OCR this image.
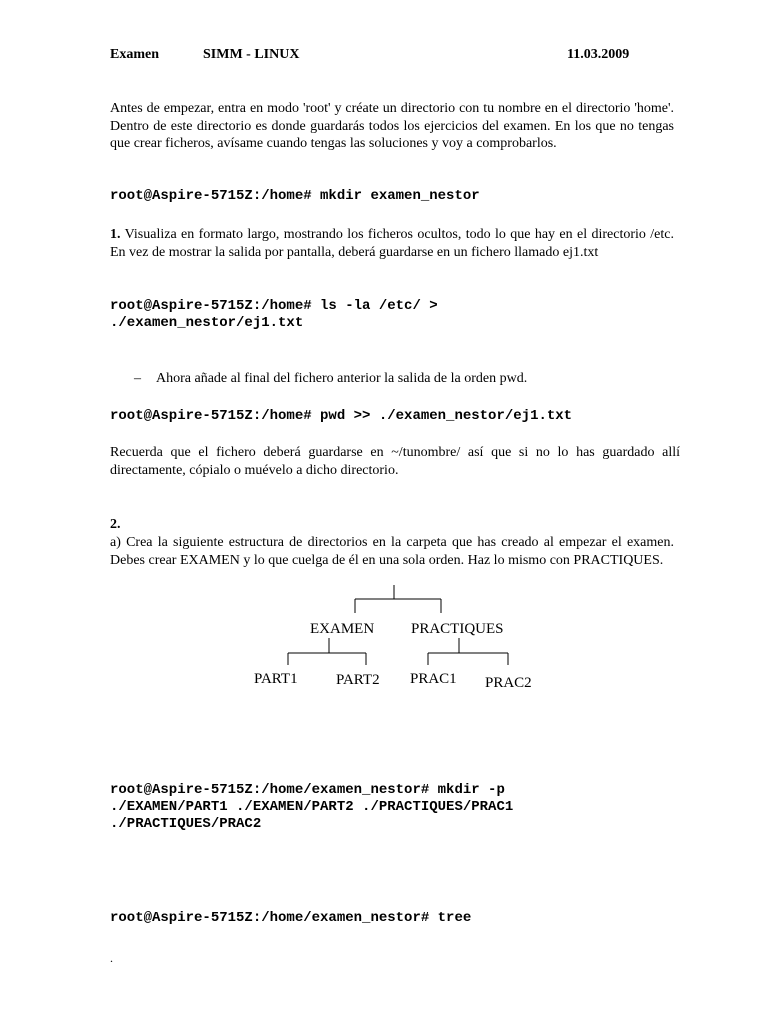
Examen	SIMM - LINUX	11.03.2009
Antes de empezar, entra en modo 'root' y créate un directorio con tu nombre en el directorio 'home'. Dentro de este directorio es donde guardarás todos los ejercicios del examen. En los que no tengas que crear ficheros, avísame cuando tengas las soluciones y voy a comprobarlos.
root@Aspire-5715Z:/home# mkdir examen_nestor
1. Visualiza en formato largo, mostrando los ficheros ocultos, todo lo que hay en el directorio /etc. En vez de mostrar la salida por pantalla, deberá guardarse en un fichero llamado ej1.txt
root@Aspire-5715Z:/home# ls -la /etc/ >
./examen_nestor/ej1.txt
– Ahora añade al final del fichero anterior la salida de la orden pwd.
root@Aspire-5715Z:/home# pwd >> ./examen_nestor/ej1.txt
Recuerda que el fichero deberá guardarse en ~/tunombre/ así que si no lo has guardado allí directamente, cópialo o muévelo a dicho directorio.
2.
a) Crea la siguiente estructura de directorios en la carpeta que has creado al empezar el examen. Debes crear EXAMEN y lo que cuelga de él en una sola orden. Haz lo mismo con PRACTIQUES.
EXAMEN PRACTIQUES
PART1	PART2 PRAC1 PRAC2
root@Aspire-5715Z:/home/examen_nestor# mkdir -p
./EXAMEN/PART1 ./EXAMEN/PART2 ./PRACTIQUES/PRAC1
./PRACTIQUES/PRAC2
root@Aspire-5715Z:/home/examen_nestor# tree
.
